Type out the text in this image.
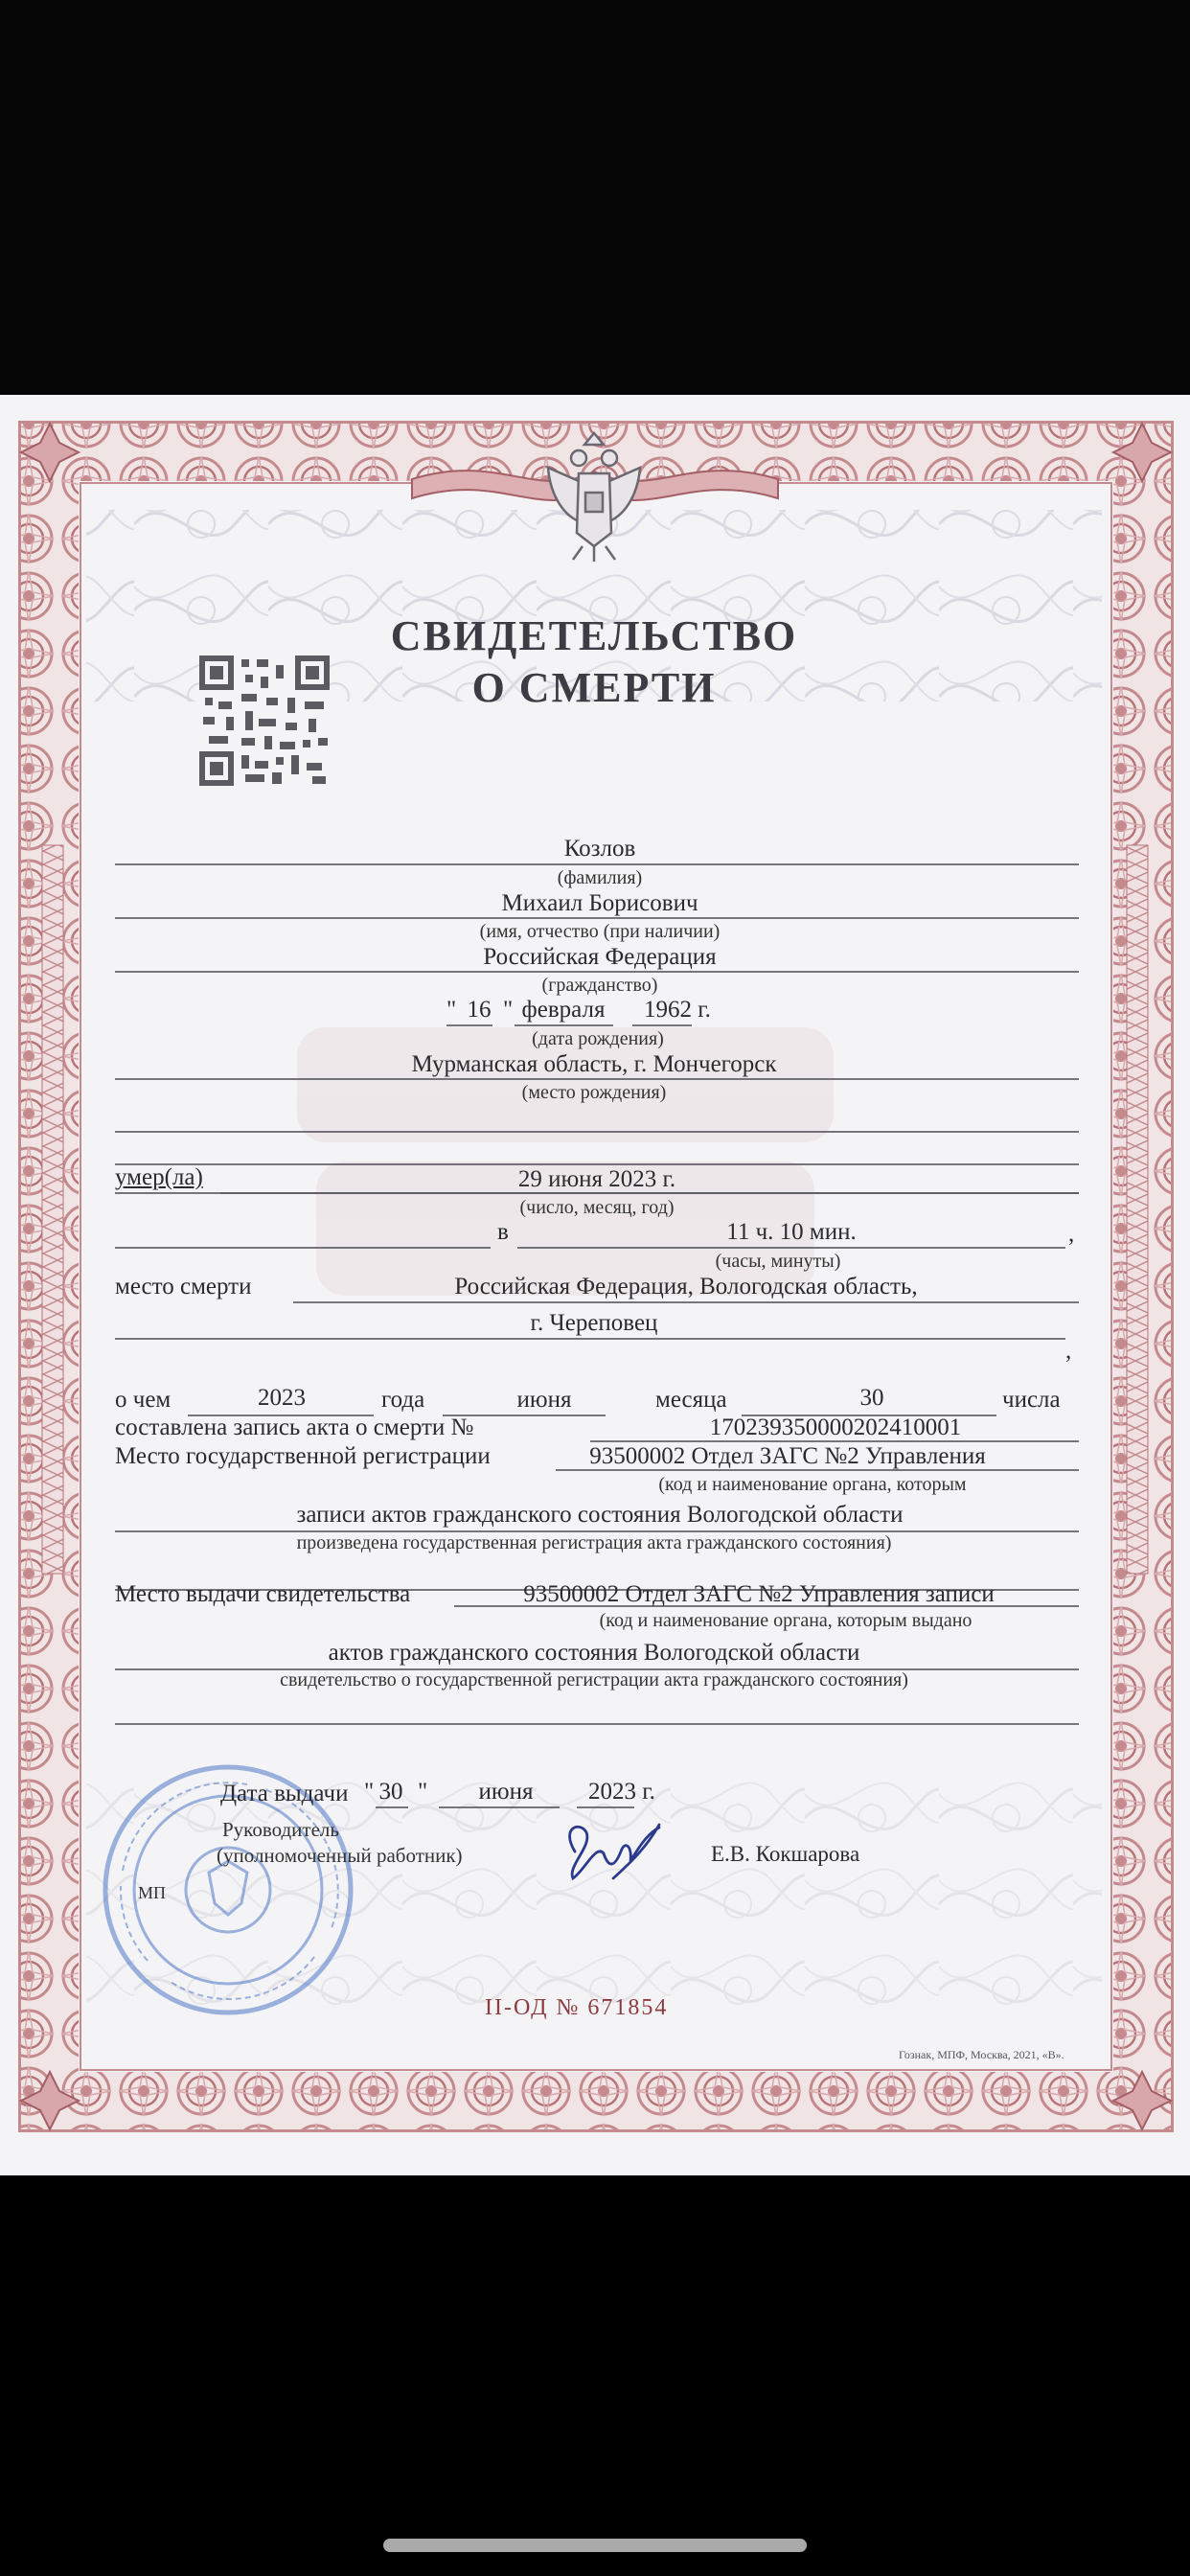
СВИДЕТЕЛЬСТВО
О СМЕРТИ
Козлов
(фамилия)
Михаил Борисович
(имя, отчество (при наличии)
Российская Федерация
(гражданство)
" 16 " февраля 1962 г.
(дата рождения)
Мурманская область, г. Мончегорск
(место рождения)
умер(ла)	29 июня 2023 г.
(число, месяц, год)
в	11 ч. 10 мин.	,
(часы, минуты)
место смерти	Российская Федерация, Вологодская область,
г. Череповец
,
о чем	2023	года	июня	месяца	30	числа
составлена запись акта о смерти №	170239350000202410001
Место государственной регистрации	93500002 Отдел ЗАГС №2 Управления
(код и наименование органа, которым
записи актов гражданского состояния Вологодской области
произведена государственная регистрация акта гражданского состояния)
Место выдачи свидетельства	93500002 Отдел ЗАГС №2 Управления записи
(код и наименование органа, которым выдано
актов гражданского состояния Вологодской области
свидетельство о государственной регистрации акта гражданского состояния)
Дата выдачи " 30 " июня 2023 г.
Руководитель
(уполномоченный работник)	Е.В. Кокшарова
МП
II-ОД № 671854
Гознак, МПФ, Москва, 2021, «В».
